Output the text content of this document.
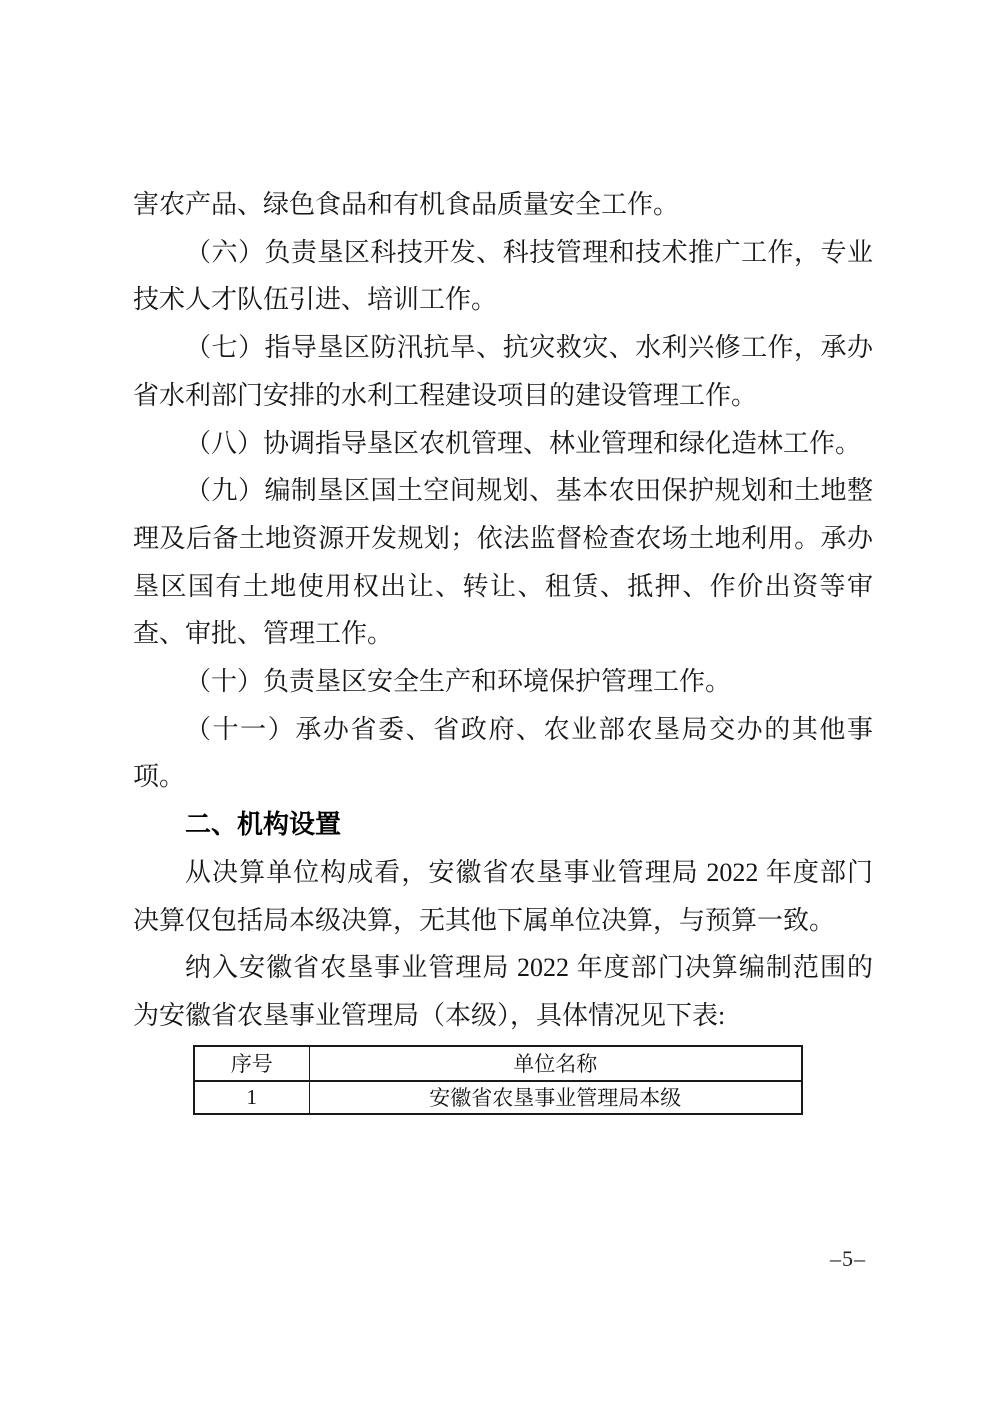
害农产品、绿色食品和有机食品质量安全工作。

（六）负责垦区科技开发、科技管理和技术推广工作，专业技术人才队伍引进、培训工作。

（七）指导垦区防汛抗旱、抗灾救灾、水利兴修工作，承办省水利部门安排的水利工程建设项目的建设管理工作。

（八）协调指导垦区农机管理、林业管理和绿化造林工作。

（九）编制垦区国土空间规划、基本农田保护规划和土地整理及后备土地资源开发规划；依法监督检查农场土地利用。承办垦区国有土地使用权出让、转让、租赁、抵押、作价出资等审查、审批、管理工作。

（十）负责垦区安全生产和环境保护管理工作。

（十一）承办省委、省政府、农业部农垦局交办的其他事项。

二、机构设置

从决算单位构成看，安徽省农垦事业管理局 2022 年度部门决算仅包括局本级决算，无其他下属单位决算，与预算一致。

纳入安徽省农垦事业管理局 2022 年度部门决算编制范围的为安徽省农垦事业管理局（本级），具体情况见下表:

序号	单位名称
1	安徽省农垦事业管理局本级
–5–
